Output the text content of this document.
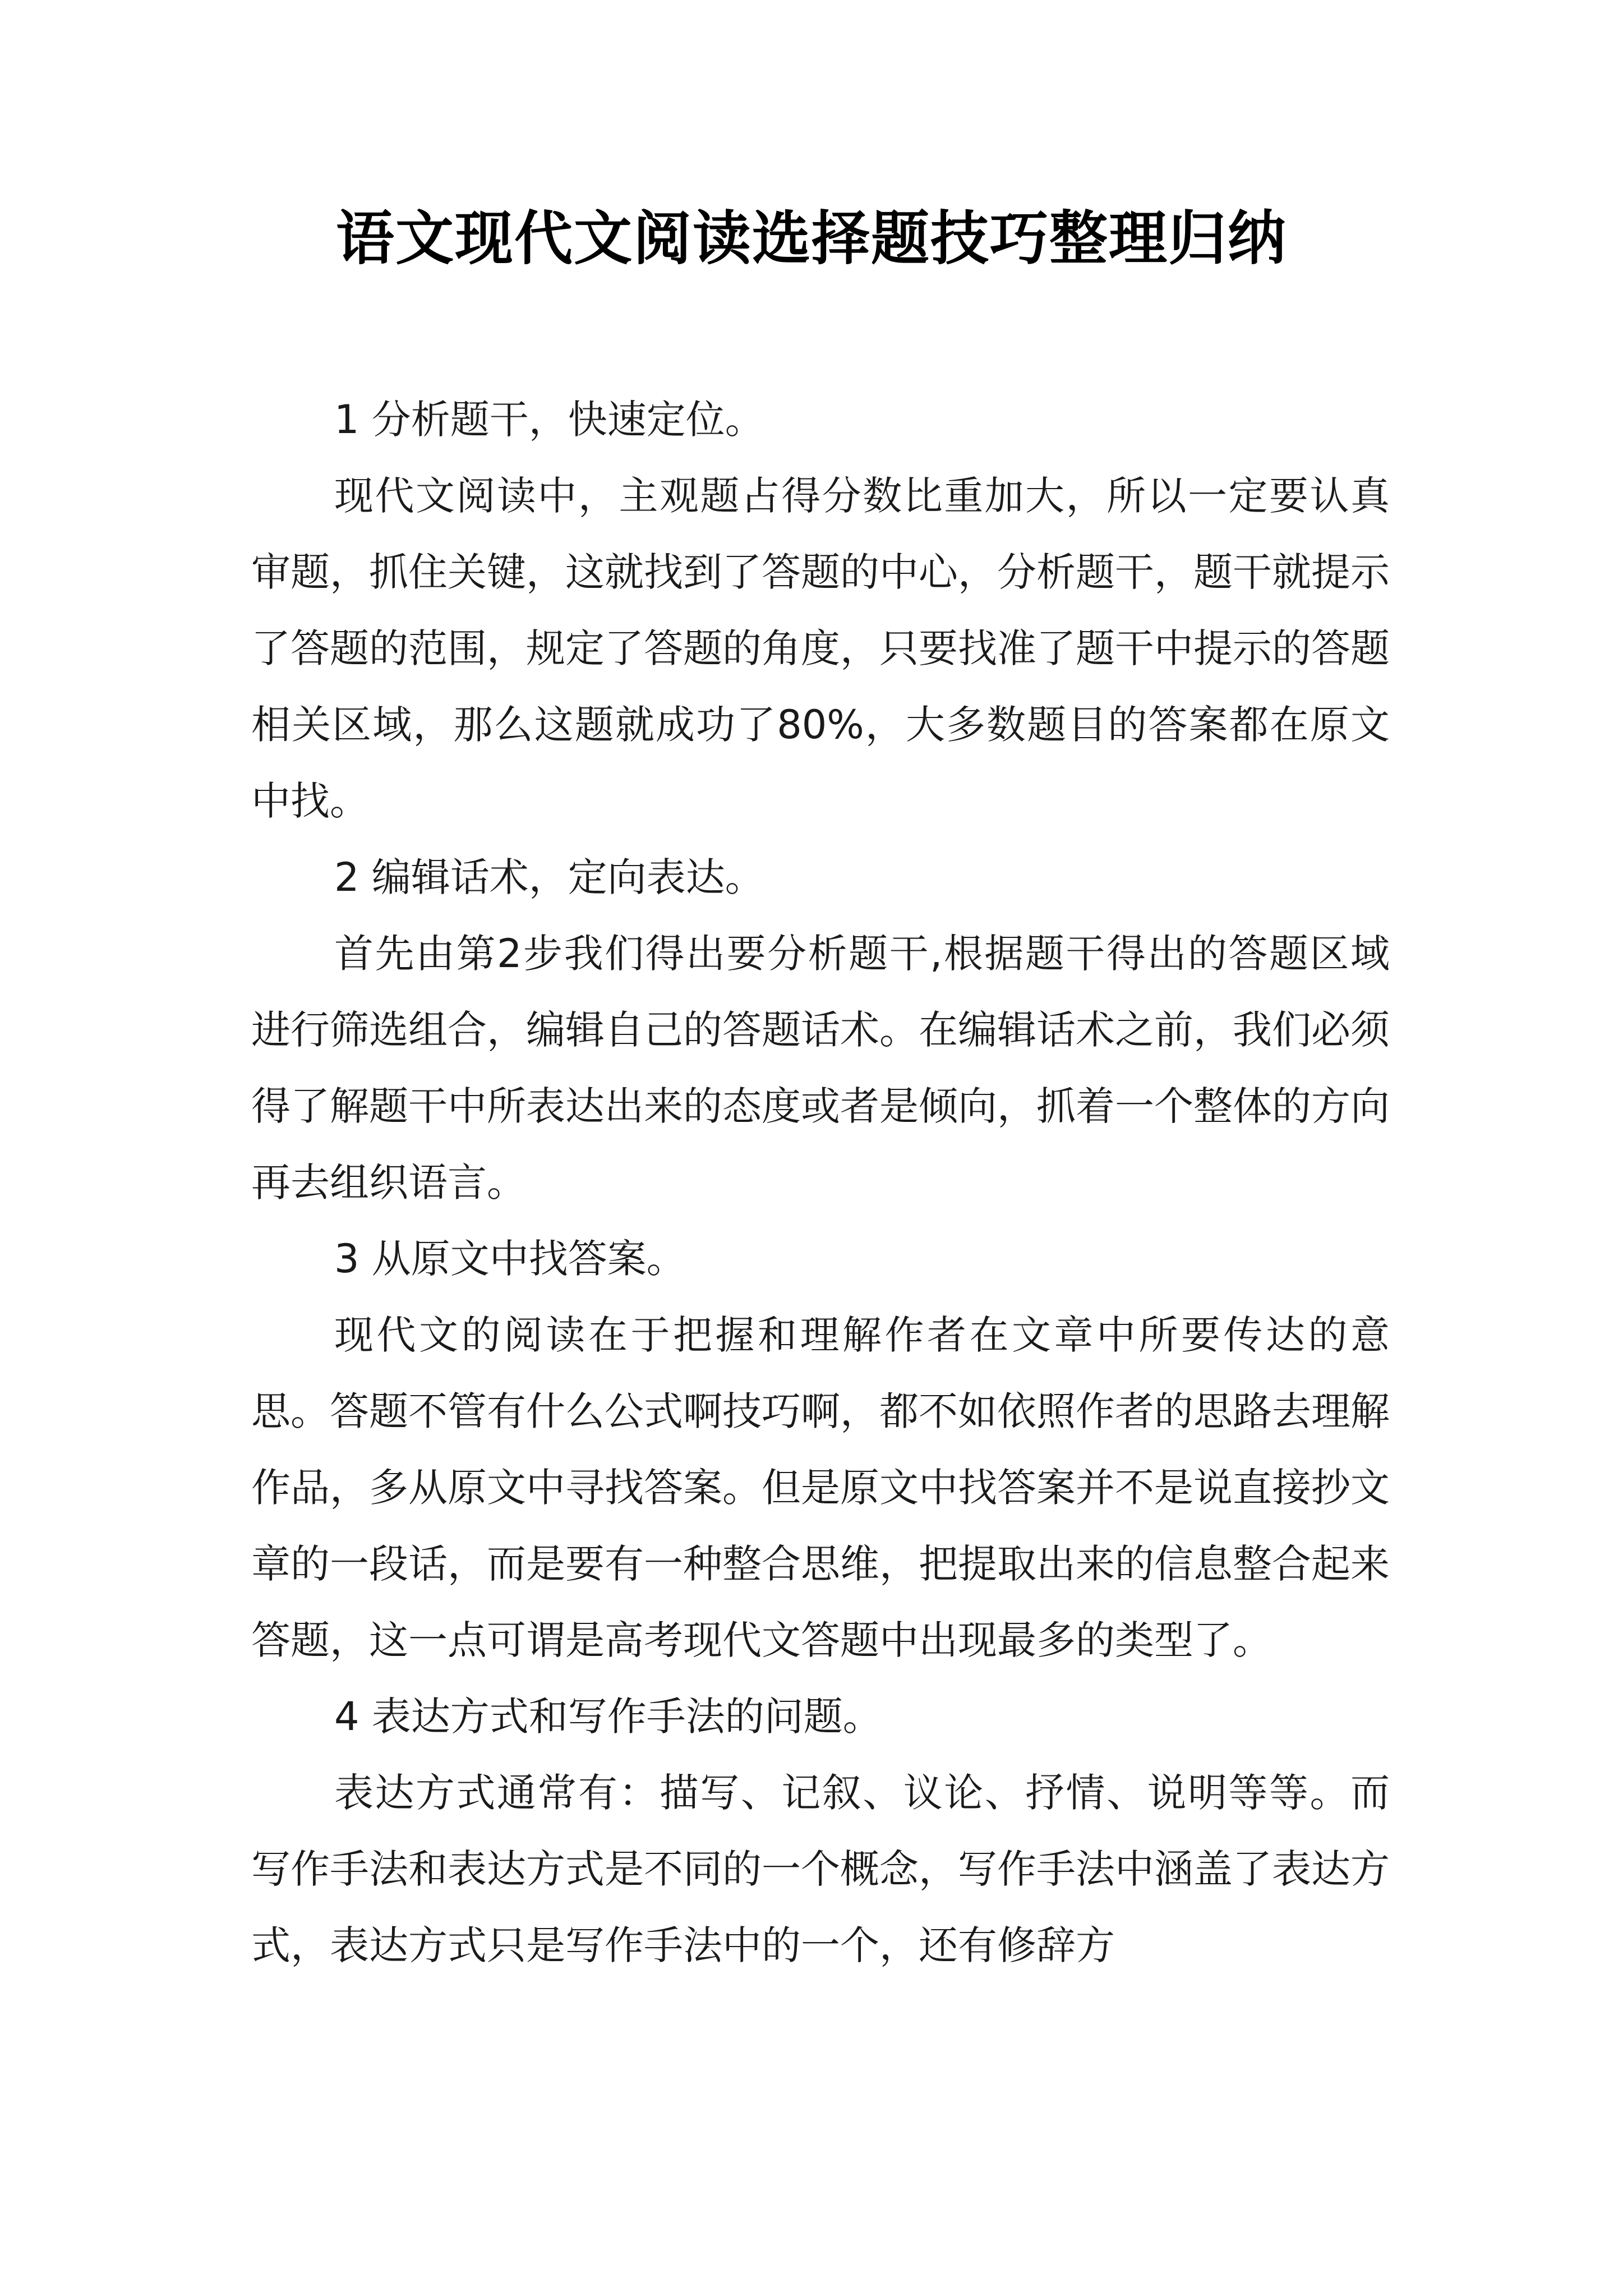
语文现代文阅读选择题技巧整理归纳

1 分析题干，快速定位。

现代文阅读中，主观题占得分数比重加大，所以一定要认真审题，抓住关键，这就找到了答题的中心，分析题干，题干就提示了答题的范围，规定了答题的角度，只要找准了题干中提示的答题相关区域，那么这题就成功了80%，大多数题目的答案都在原文中找。

2 编辑话术，定向表达。

首先由第2步我们得出要分析题干,根据题干得出的答题区域进行筛选组合，编辑自己的答题话术。在编辑话术之前，我们必须得了解题干中所表达出来的态度或者是倾向，抓着一个整体的方向再去组织语言。

3 从原文中找答案。

现代文的阅读在于把握和理解作者在文章中所要传达的意思。答题不管有什么公式啊技巧啊，都不如依照作者的思路去理解作品，多从原文中寻找答案。但是原文中找答案并不是说直接抄文章的一段话，而是要有一种整合思维，把提取出来的信息整合起来答题，这一点可谓是高考现代文答题中出现最多的类型了。

4 表达方式和写作手法的问题。

表达方式通常有：描写、记叙、议论、抒情、说明等等。而写作手法和表达方式是不同的一个概念，写作手法中涵盖了表达方式，表达方式只是写作手法中的一个，还有修辞方
